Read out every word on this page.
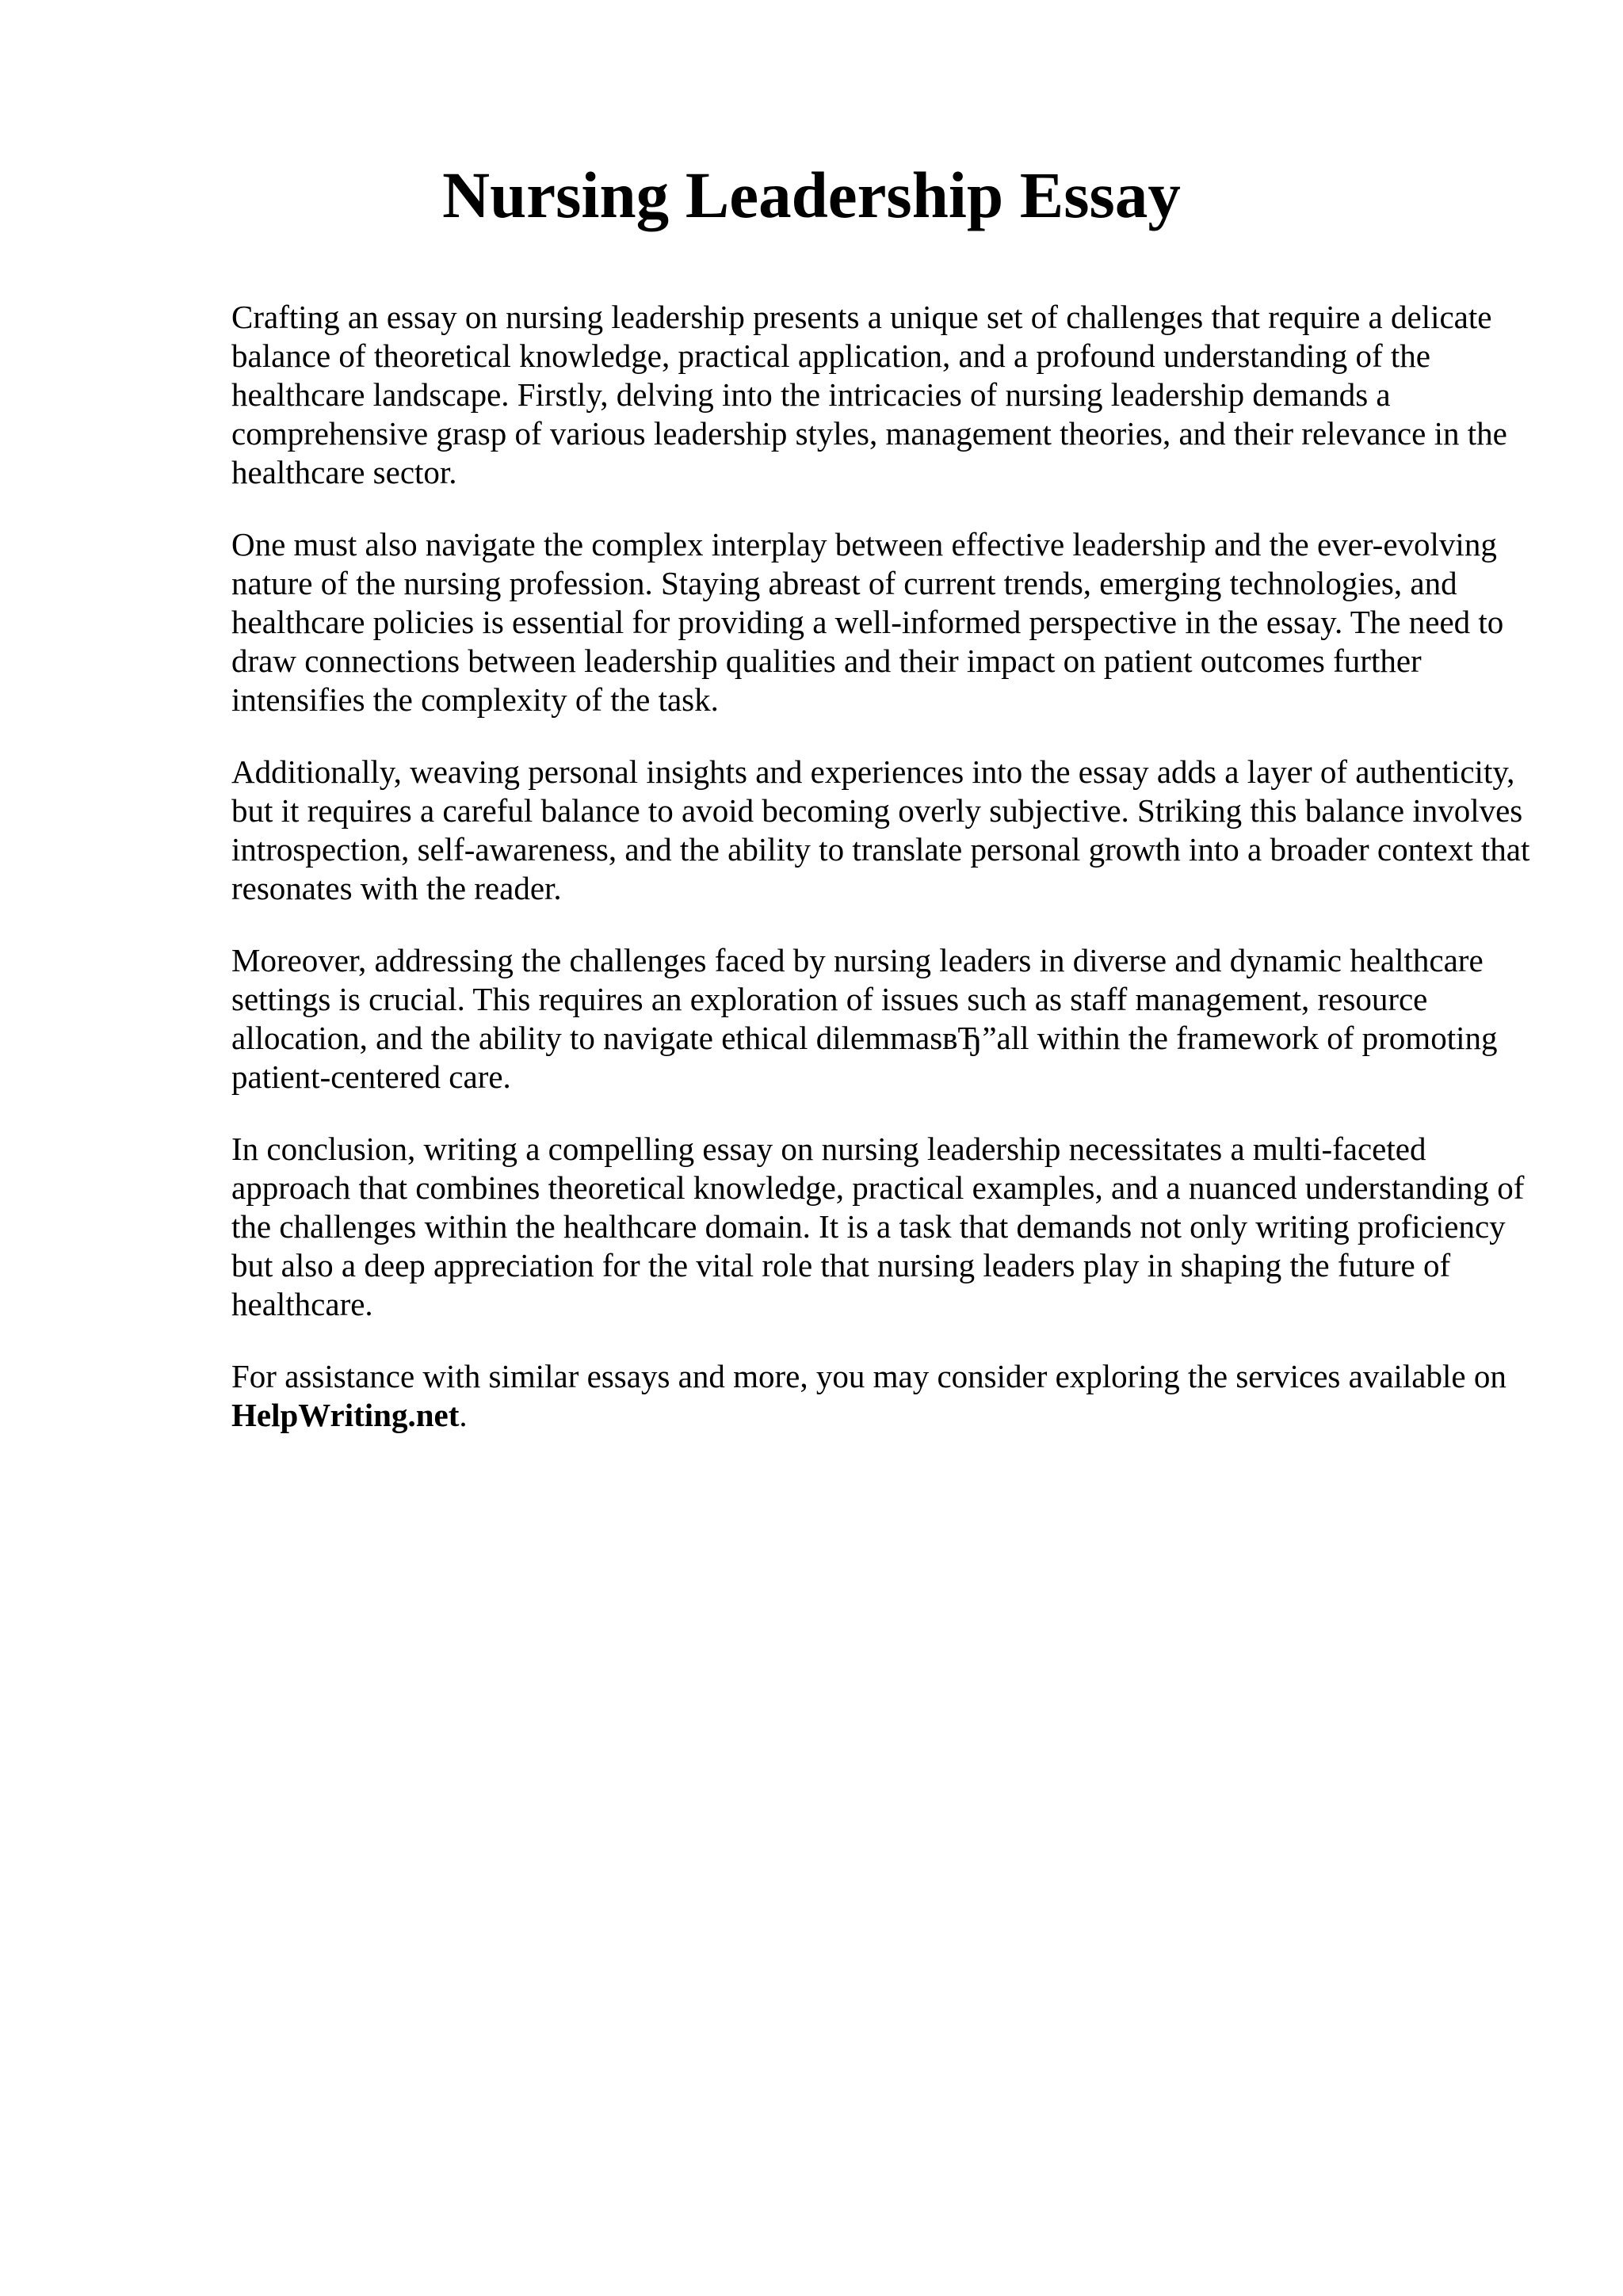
Nursing Leadership Essay

Crafting an essay on nursing leadership presents a unique set of challenges that require a delicate balance of theoretical knowledge, practical application, and a profound understanding of the healthcare landscape. Firstly, delving into the intricacies of nursing leadership demands a comprehensive grasp of various leadership styles, management theories, and their relevance in the healthcare sector.

One must also navigate the complex interplay between effective leadership and the ever-evolving nature of the nursing profession. Staying abreast of current trends, emerging technologies, and healthcare policies is essential for providing a well-informed perspective in the essay. The need to draw connections between leadership qualities and their impact on patient outcomes further intensifies the complexity of the task.

Additionally, weaving personal insights and experiences into the essay adds a layer of authenticity, but it requires a careful balance to avoid becoming overly subjective. Striking this balance involves introspection, self-awareness, and the ability to translate personal growth into a broader context that resonates with the reader.

Moreover, addressing the challenges faced by nursing leaders in diverse and dynamic healthcare settings is crucial. This requires an exploration of issues such as staff management, resource allocation, and the ability to navigate ethical dilemmasвЂ”all within the framework of promoting patient-centered care.

In conclusion, writing a compelling essay on nursing leadership necessitates a multi-faceted approach that combines theoretical knowledge, practical examples, and a nuanced understanding of the challenges within the healthcare domain. It is a task that demands not only writing proficiency but also a deep appreciation for the vital role that nursing leaders play in shaping the future of healthcare.

For assistance with similar essays and more, you may consider exploring the services available on HelpWriting.net.
